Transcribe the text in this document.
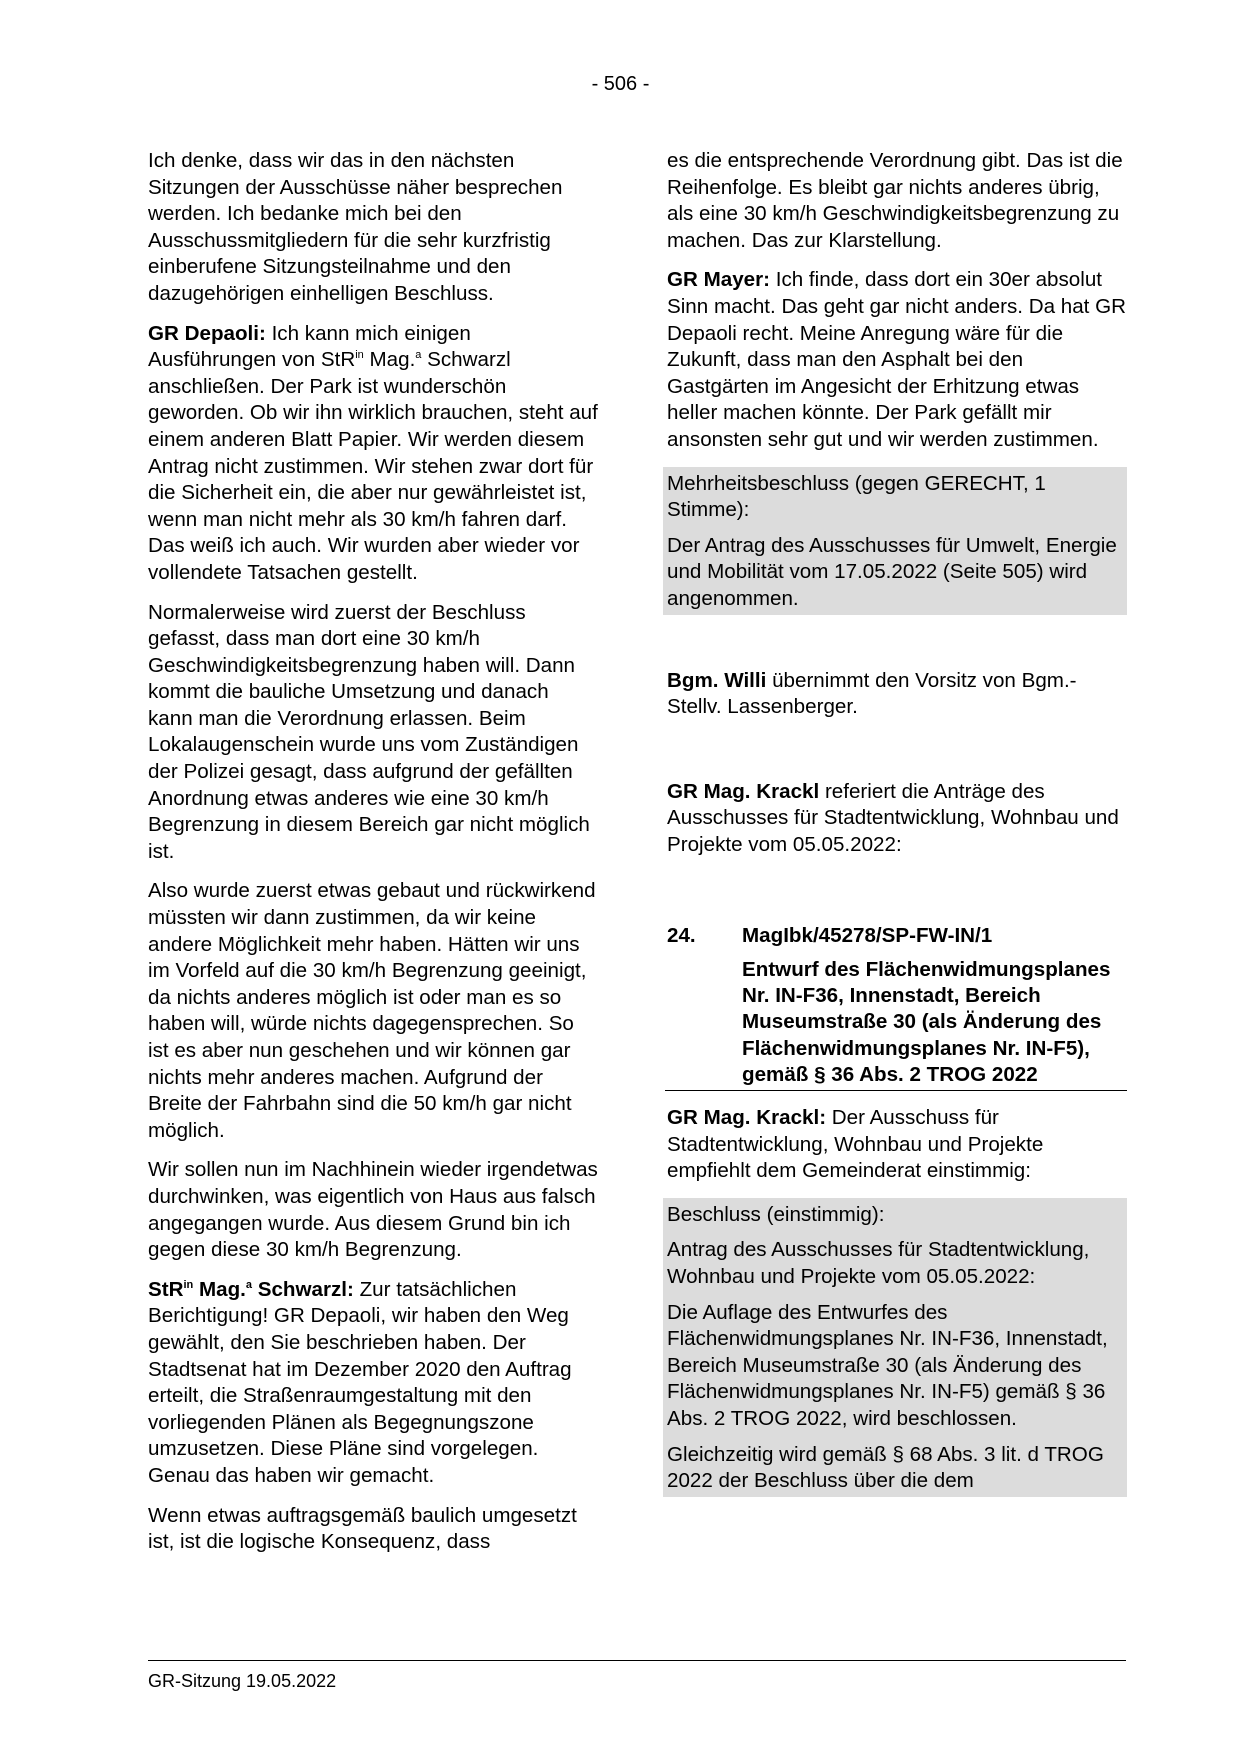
- 506 -

Ich denke, dass wir das in den nächsten Sitzungen der Ausschüsse näher besprechen werden. Ich bedanke mich bei den Ausschussmitgliedern für die sehr kurzfristig einberufene Sitzungsteilnahme und den dazugehörigen einhelligen Beschluss.

GR Depaoli: Ich kann mich einigen Ausführungen von StR$^{in}$ Mag.$^a$ Schwarzl anschließen. Der Park ist wunderschön geworden. Ob wir ihn wirklich brauchen, steht auf einem anderen Blatt Papier. Wir werden diesem Antrag nicht zustimmen. Wir stehen zwar dort für die Sicherheit ein, die aber nur gewährleistet ist, wenn man nicht mehr als 30 km/h fahren darf. Das weiß ich auch. Wir wurden aber wieder vor vollendete Tatsachen gestellt.

Normalerweise wird zuerst der Beschluss gefasst, dass man dort eine 30 km/h Geschwindigkeitsbegrenzung haben will. Dann kommt die bauliche Umsetzung und danach kann man die Verordnung erlassen. Beim Lokalaugenschein wurde uns vom Zuständigen der Polizei gesagt, dass aufgrund der gefällten Anordnung etwas anderes wie eine 30 km/h Begrenzung in diesem Bereich gar nicht möglich ist.

Also wurde zuerst etwas gebaut und rückwirkend müssten wir dann zustimmen, da wir keine andere Möglichkeit mehr haben. Hätten wir uns im Vorfeld auf die 30 km/h Begrenzung geeinigt, da nichts anderes möglich ist oder man es so haben will, würde nichts dagegensprechen. So ist es aber nun geschehen und wir können gar nichts mehr anderes machen. Aufgrund der Breite der Fahrbahn sind die 50 km/h gar nicht möglich.

Wir sollen nun im Nachhinein wieder irgendetwas durchwinken, was eigentlich von Haus aus falsch angegangen wurde. Aus diesem Grund bin ich gegen diese 30 km/h Begrenzung.

StR$^{in}$ Mag.$^a$ Schwarzl: Zur tatsächlichen Berichtigung! GR Depaoli, wir haben den Weg gewählt, den Sie beschrieben haben. Der Stadtsenat hat im Dezember 2020 den Auftrag erteilt, die Straßenraumgestaltung mit den vorliegenden Plänen als Begegnungszone umzusetzen. Diese Pläne sind vorgelegen. Genau das haben wir gemacht.

Wenn etwas auftragsgemäß baulich umgesetzt ist, ist die logische Konsequenz, dass

es die entsprechende Verordnung gibt. Das ist die Reihenfolge. Es bleibt gar nichts anderes übrig, als eine 30 km/h Geschwindigkeitsbegrenzung zu machen. Das zur Klarstellung.

GR Mayer: Ich finde, dass dort ein 30er absolut Sinn macht. Das geht gar nicht anders. Da hat GR Depaoli recht. Meine Anregung wäre für die Zukunft, dass man den Asphalt bei den Gastgärten im Angesicht der Erhitzung etwas heller machen könnte. Der Park gefällt mir ansonsten sehr gut und wir werden zustimmen.

Mehrheitsbeschluss (gegen GERECHT, 1 Stimme):

Der Antrag des Ausschusses für Umwelt, Energie und Mobilität vom 17.05.2022 (Seite 505) wird angenommen.

Bgm. Willi übernimmt den Vorsitz von Bgm.-Stellv. Lassenberger.

GR Mag. Krackl referiert die Anträge des Ausschusses für Stadtentwicklung, Wohnbau und Projekte vom 05.05.2022:

24.	MagIbk/45278/SP-FW-IN/1
Entwurf des Flächenwidmungsplanes Nr. IN-F36, Innenstadt, Bereich Museumstraße 30 (als Änderung des Flächenwidmungsplanes Nr. IN-F5), gemäß § 36 Abs. 2 TROG 2022

GR Mag. Krackl: Der Ausschuss für Stadtentwicklung, Wohnbau und Projekte empfiehlt dem Gemeinderat einstimmig:

Beschluss (einstimmig):

Antrag des Ausschusses für Stadtentwicklung, Wohnbau und Projekte vom 05.05.2022:

Die Auflage des Entwurfes des Flächenwidmungsplanes Nr. IN-F36, Innenstadt, Bereich Museumstraße 30 (als Änderung des Flächenwidmungsplanes Nr. IN-F5) gemäß § 36 Abs. 2 TROG 2022, wird beschlossen.

Gleichzeitig wird gemäß § 68 Abs. 3 lit. d TROG 2022 der Beschluss über die dem

GR-Sitzung 19.05.2022
